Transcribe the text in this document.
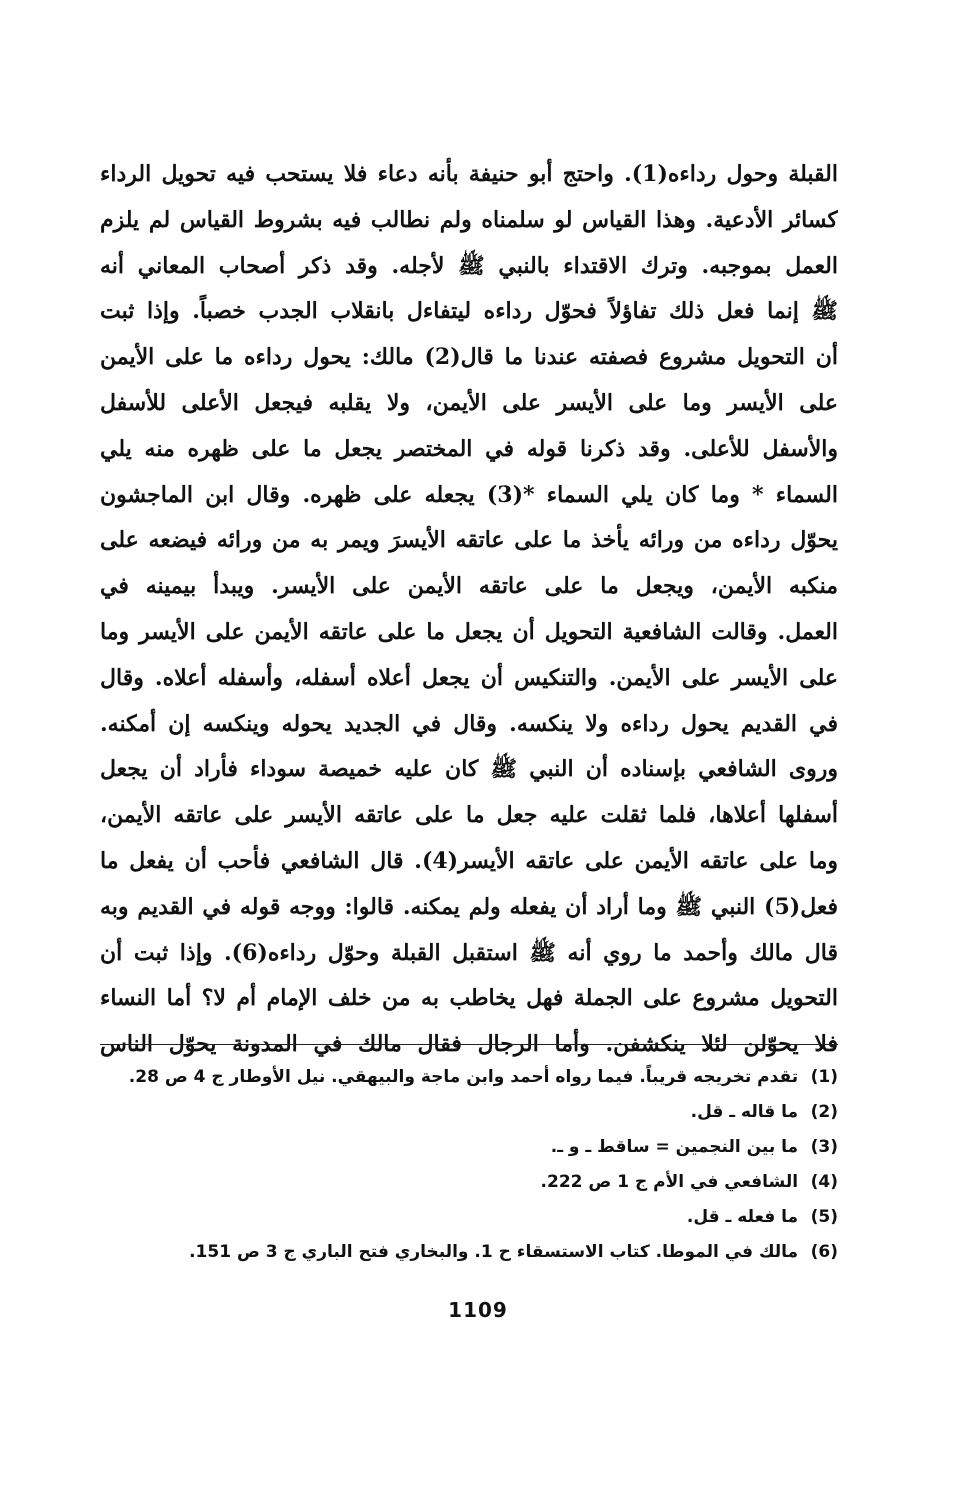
القبلة وحول رداءه(1). واحتج أبو حنيفة بأنه دعاء فلا يستحب فيه تحويل الرداء
كسائر الأدعية. وهذا القياس لو سلمناه ولم نطالب فيه بشروط القياس لم يلزم
العمل بموجبه. وترك الاقتداء بالنبي ﷺ لأجله. وقد ذكر أصحاب المعاني أنه
ﷺ إنما فعل ذلك تفاؤلاً فحوّل رداءه ليتفاءل بانقلاب الجدب خصباً. وإذا ثبت
أن التحويل مشروع فصفته عندنا ما قال(2) مالك: يحول رداءه ما على الأيمن
على الأيسر وما على الأيسر على الأيمن، ولا يقلبه فيجعل الأعلى للأسفل
والأسفل للأعلى. وقد ذكرنا قوله في المختصر يجعل ما على ظهره منه يلي
السماء * وما كان يلي السماء *(3) يجعله على ظهره. وقال ابن الماجشون
يحوّل رداءه من ورائه يأخذ ما على عاتقه الأيسرَ ويمر به من ورائه فيضعه على
منكبه الأيمن، ويجعل ما على عاتقه الأيمن على الأيسر. ويبدأ بيمينه في
العمل. وقالت الشافعية التحويل أن يجعل ما على عاتقه الأيمن على الأيسر وما
على الأيسر على الأيمن. والتنكيس أن يجعل أعلاه أسفله، وأسفله أعلاه. وقال
في القديم يحول رداءه ولا ينكسه. وقال في الجديد يحوله وينكسه إن أمكنه.
وروى الشافعي بإسناده أن النبي ﷺ كان عليه خميصة سوداء فأراد أن يجعل
أسفلها أعلاها، فلما ثقلت عليه جعل ما على عاتقه الأيسر على عاتقه الأيمن،
وما على عاتقه الأيمن على عاتقه الأيسر(4). قال الشافعي فأحب أن يفعل ما
فعل(5) النبي ﷺ وما أراد أن يفعله ولم يمكنه. قالوا: ووجه قوله في القديم وبه
قال مالك وأحمد ما روي أنه ﷺ استقبل القبلة وحوّل رداءه(6). وإذا ثبت أن
التحويل مشروع على الجملة فهل يخاطب به من خلف الإمام أم لا؟ أما النساء
فلا يحوّلن لئلا ينكشفن. وأما الرجال فقال مالك في المدونة يحوّل الناس
(1) تقدم تخريجه قريباً. فيما رواه أحمد وابن ماجة والبيهقي. نيل الأوطار ج 4 ص 28.
(2) ما قاله ـ قل.
(3) ما بين النجمين = ساقط ـ و ـ.
(4) الشافعي في الأم ج 1 ص 222.
(5) ما فعله ـ قل.
(6) مالك في الموطا. كتاب الاستسقاء ح 1. والبخاري فتح الباري ج 3 ص 151.
1109
